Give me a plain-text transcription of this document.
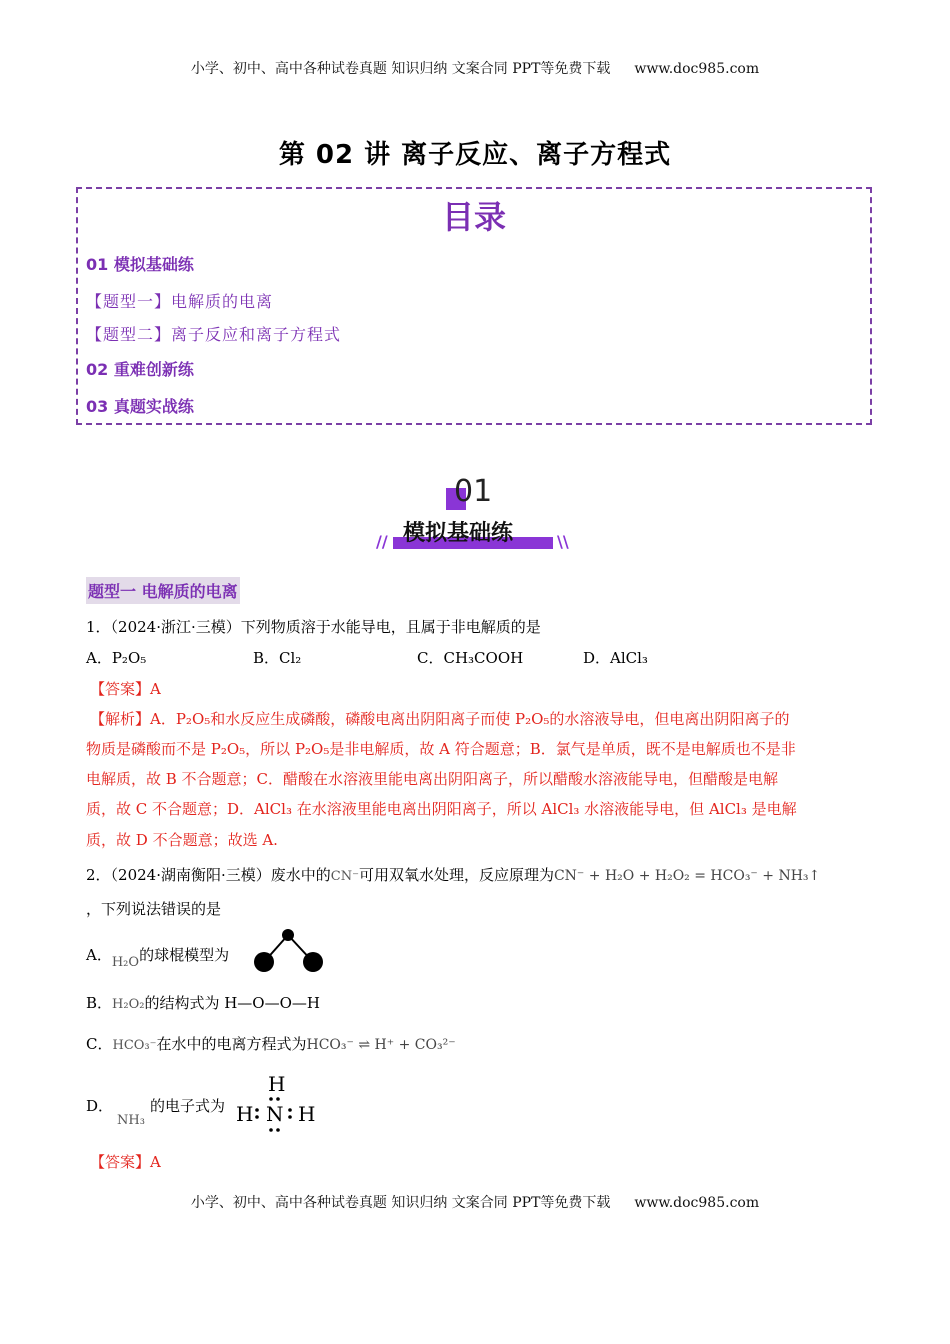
小学、初中、高中各种试卷真题 知识归纳 文案合同 PPT等免费下载 www.doc985.com
第 02 讲 离子反应、离子方程式
目录
01 模拟基础练
【题型一】电解质的电离
【题型二】离子反应和离子方程式
02 重难创新练
03 真题实战练
01
模拟基础练
//	\\
题型一 电解质的电离
1．（2024·浙江·三模）下列物质溶于水能导电，且属于非电解质的是
A．P₂O₅	B．Cl₂	C．CH₃COOH	D．AlCl₃
【答案】A
【解析】A．P₂O₅和水反应生成磷酸，磷酸电离出阴阳离子而使 P₂O₅的水溶液导电，但电离出阴阳离子的
物质是磷酸而不是 P₂O₅，所以 P₂O₅是非电解质，故 A 符合题意；B．氯气是单质，既不是电解质也不是非
电解质，故 B 不合题意；C．醋酸在水溶液里能电离出阴阳离子，所以醋酸水溶液能导电，但醋酸是电解
质，故 C 不合题意；D．AlCl₃ 在水溶液里能电离出阴阳离子，所以 AlCl₃ 水溶液能导电，但 AlCl₃ 是电解
质，故 D 不合题意；故选 A.
2．（2024·湖南衡阳·三模）废水中的CN⁻可用双氧水处理，反应原理为CN⁻ + H₂O + H₂O₂ = HCO₃⁻ + NH₃↑
，下列说法错误的是
A．H₂O的球棍模型为
B．H₂O₂的结构式为 H—O—O—H
C．HCO₃⁻在水中的电离方程式为HCO₃⁻ ⇌ H⁺ + CO₃²⁻
D．
NH₃
的电子式为
H
H N H
【答案】A
小学、初中、高中各种试卷真题 知识归纳 文案合同 PPT等免费下载 www.doc985.com
